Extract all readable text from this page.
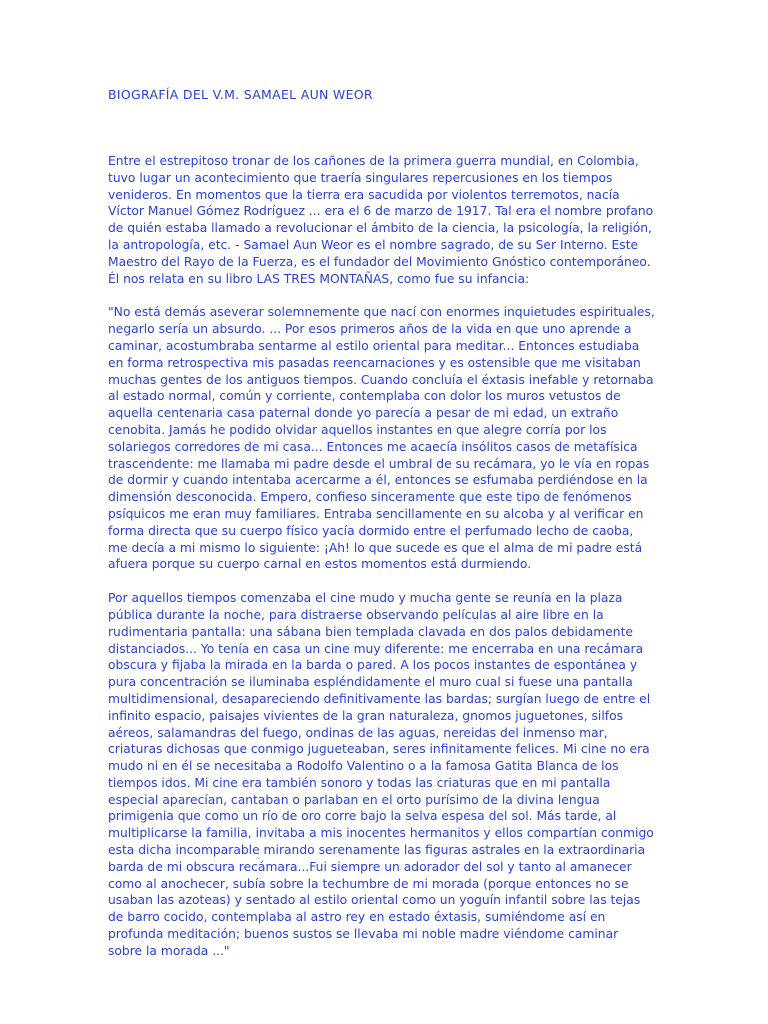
BIOGRAFÍA DEL V.M. SAMAEL AUN WEOR

Entre el estrepitoso tronar de los cañones de la primera guerra mundial, en Colombia, tuvo lugar un acontecimiento que traería singulares repercusiones en los tiempos venideros. En momentos que la tierra era sacudida por violentos terremotos, nacía Víctor Manuel Gómez Rodríguez ... era el 6 de marzo de 1917. Tal era el nombre profano de quién estaba llamado a revolucionar el ámbito de la ciencia, la psicología, la religión, la antropología, etc. - Samael Aun Weor es el nombre sagrado, de su Ser Interno. Este Maestro del Rayo de la Fuerza, es el fundador del Movimiento Gnóstico contemporáneo. Él nos relata en su libro LAS TRES MONTAÑAS, como fue su infancia:

"No está demás aseverar solemnemente que nací con enormes inquietudes espirituales, negarlo sería un absurdo. ... Por esos primeros años de la vida en que uno aprende a caminar, acostumbraba sentarme al estilo oriental para meditar... Entonces estudiaba en forma retrospectiva mis pasadas reencarnaciones y es ostensible que me visitaban muchas gentes de los antiguos tiempos. Cuando concluía el éxtasis inefable y retornaba al estado normal, común y corriente, contemplaba con dolor los muros vetustos de aquella centenaria casa paternal donde yo parecía a pesar de mi edad, un extraño cenobita. Jamás he podido olvidar aquellos instantes en que alegre corría por los solariegos corredores de mi casa... Entonces me acaecía insólitos casos de metafísica trascendente: me llamaba mi padre desde el umbral de su recámara, yo le vía en ropas de dormir y cuando intentaba acercarme a él, entonces se esfumaba perdiéndose en la dimensión desconocida. Empero, confieso sinceramente que este tipo de fenómenos psíquicos me eran muy familiares. Entraba sencillamente en su alcoba y al verificar en forma directa que su cuerpo físico yacía dormido entre el perfumado lecho de caoba, me decía a mi mismo lo siguiente: ¡Ah! lo que sucede es que el alma de mi padre está afuera porque su cuerpo carnal en estos momentos está durmiendo.

Por aquellos tiempos comenzaba el cine mudo y mucha gente se reunía en la plaza pública durante la noche, para distraerse observando películas al aire libre en la rudimentaria pantalla: una sábana bien templada clavada en dos palos debidamente distanciados... Yo tenía en casa un cine muy diferente: me encerraba en una recámara obscura y fijaba la mirada en la barda o pared. A los pocos instantes de espontánea y pura concentración se iluminaba espléndidamente el muro cual si fuese una pantalla multidimensional, desapareciendo definitivamente las bardas; surgían luego de entre el infinito espacio, paisajes vivientes de la gran naturaleza, gnomos juguetones, silfos aéreos, salamandras del fuego, ondinas de las aguas, nereidas del inmenso mar, criaturas dichosas que conmigo jugueteaban, seres infinitamente felices. Mi cine no era mudo ni en él se necesitaba a Rodolfo Valentino o a la famosa Gatita Blanca de los tiempos idos. Mi cine era también sonoro y todas las criaturas que en mi pantalla especial aparecían, cantaban o parlaban en el orto purísimo de la divina lengua primigenia que como un río de oro corre bajo la selva espesa del sol. Más tarde, al multiplicarse la familia, invitaba a mis inocentes hermanitos y ellos compartían conmigo esta dicha incomparable mirando serenamente las figuras astrales en la extraordinaria barda de mi obscura recámara...Fui siempre un adorador del sol y tanto al amanecer como al anochecer, subía sobre la techumbre de mi morada (porque entonces no se usaban las azoteas) y sentado al estilo oriental como un yoguín infantil sobre las tejas de barro cocido, contemplaba al astro rey en estado éxtasis, sumiéndome así en profunda meditación; buenos sustos se llevaba mi noble madre viéndome caminar sobre la morada ..."
